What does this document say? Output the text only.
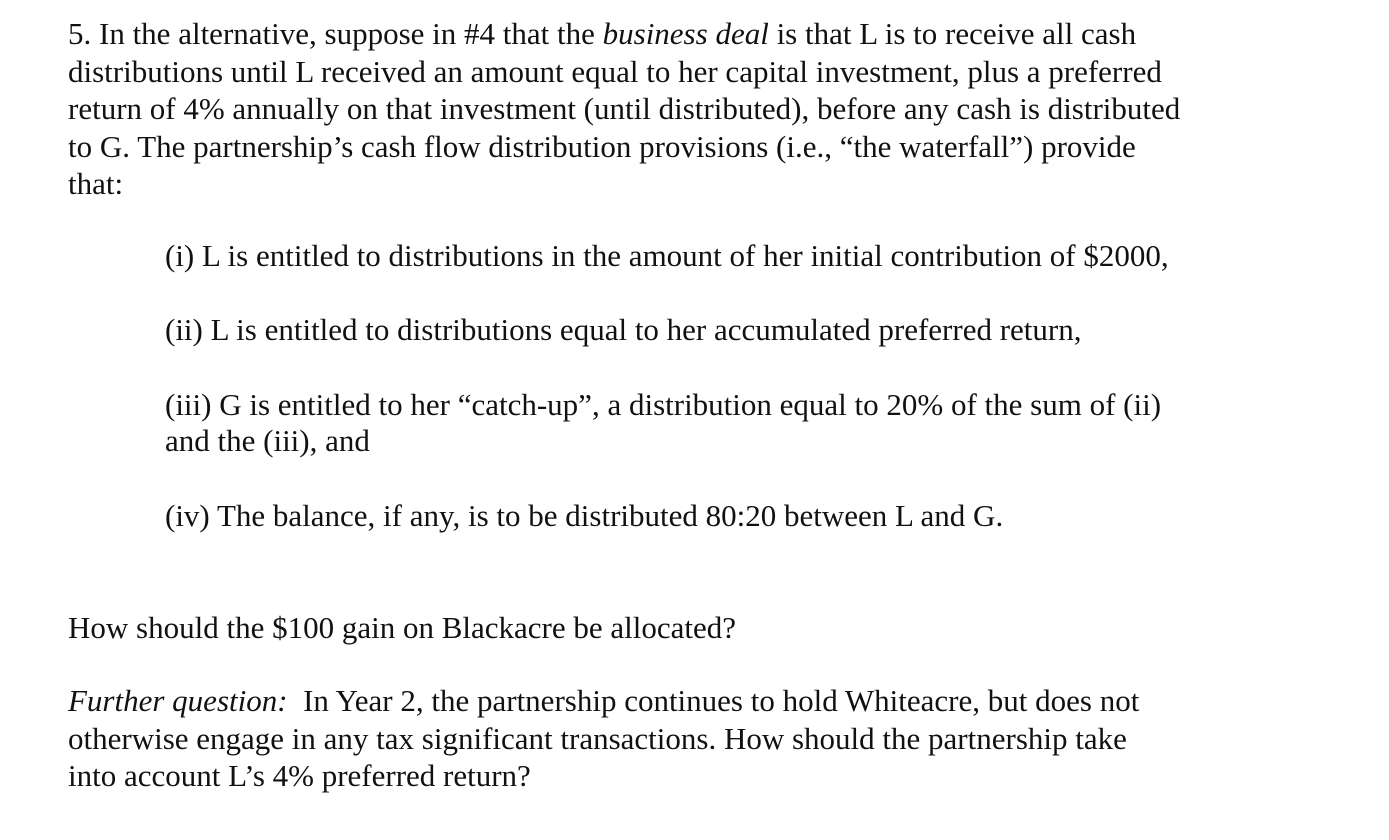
5. In the alternative, suppose in #4 that the business deal is that L is to receive all cash
distributions until L received an amount equal to her capital investment, plus a preferred
return of 4% annually on that investment (until distributed), before any cash is distributed
to G. The partnership’s cash flow distribution provisions (i.e., “the waterfall”) provide
that:

(i) L is entitled to distributions in the amount of her initial contribution of $2000,

(ii) L is entitled to distributions equal to her accumulated preferred return,

(iii) G is entitled to her “catch-up”, a distribution equal to 20% of the sum of (ii)
and the (iii), and

(iv) The balance, if any, is to be distributed 80:20 between L and G.

How should the $100 gain on Blackacre be allocated?

Further question:  In Year 2, the partnership continues to hold Whiteacre, but does not
otherwise engage in any tax significant transactions. How should the partnership take
into account L’s 4% preferred return?
